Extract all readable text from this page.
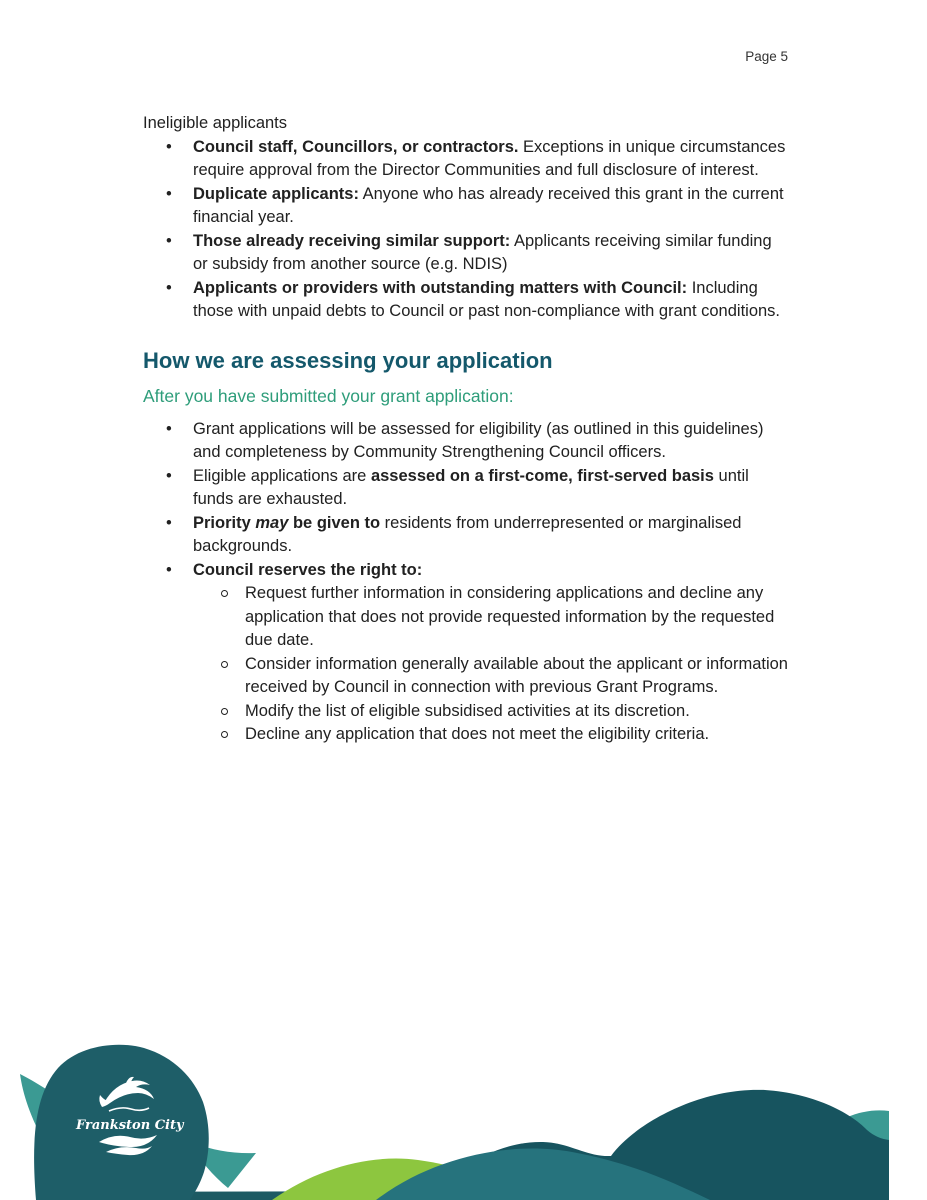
Page 5

Ineligible applicants

• Council staff, Councillors, or contractors. Exceptions in unique circumstances require approval from the Director Communities and full disclosure of interest.
• Duplicate applicants: Anyone who has already received this grant in the current financial year.
• Those already receiving similar support: Applicants receiving similar funding or subsidy from another source (e.g. NDIS)
• Applicants or providers with outstanding matters with Council: Including those with unpaid debts to Council or past non-compliance with grant conditions.
How we are assessing your application
After you have submitted your grant application:
• Grant applications will be assessed for eligibility (as outlined in this guidelines) and completeness by Community Strengthening Council officers.
• Eligible applications are assessed on a first-come, first-served basis until funds are exhausted.
• Priority may be given to residents from underrepresented or marginalised backgrounds.
• Council reserves the right to:
Request further information in considering applications and decline any application that does not provide requested information by the requested due date.
Consider information generally available about the applicant or information received by Council in connection with previous Grant Programs.
Modify the list of eligible subsidised activities at its discretion.
Decline any application that does not meet the eligibility criteria.
Frankston City
